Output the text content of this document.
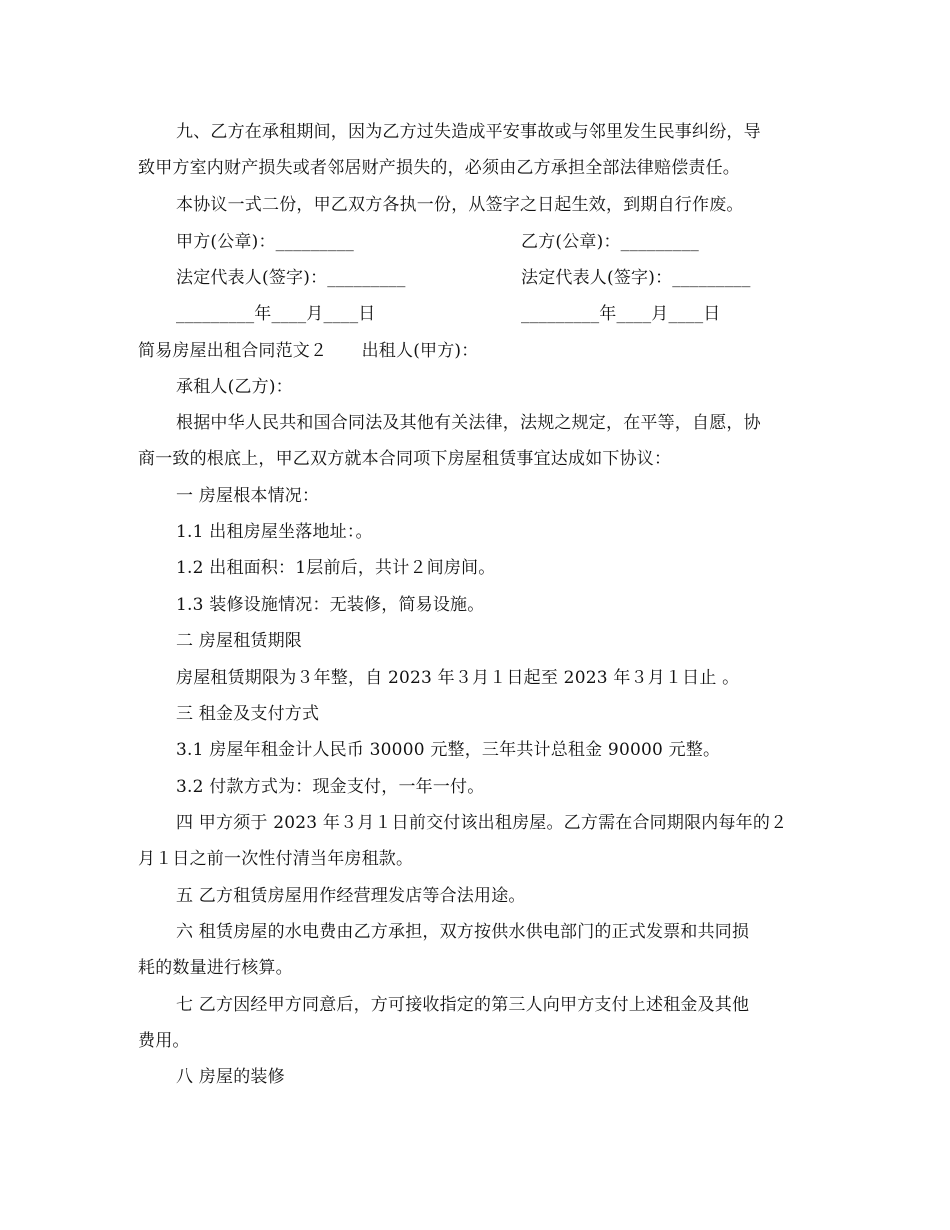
九、乙方在承租期间，因为乙方过失造成平安事故或与邻里发生民事纠纷，导
致甲方室内财产损失或者邻居财产损失的，必须由乙方承担全部法律赔偿责任。
本协议一式二份，甲乙双方各执一份，从签字之日起生效，到期自行作废。
甲方(公章)：_________	乙方(公章)：_________
法定代表人(签字)：_________	法定代表人(签字)：_________
_________年____月____日	_________年____月____日
简易房屋出租合同范文２　　出租人(甲方)：
承租人(乙方)：
根据中华人民共和国合同法及其他有关法律，法规之规定，在平等，自愿，协
商一致的根底上，甲乙双方就本合同项下房屋租赁事宜达成如下协议：
一 房屋根本情况：
1.1 出租房屋坐落地址：。
1.2 出租面积：1层前后，共计２间房间。
1.3 装修设施情况：无装修，简易设施。
二 房屋租赁期限
房屋租赁期限为３年整，自 2023 年３月１日起至 2023 年３月１日止 。
三 租金及支付方式
3.1 房屋年租金计人民币 30000 元整，三年共计总租金 90000 元整。
3.2 付款方式为：现金支付，一年一付。
四 甲方须于 2023 年３月１日前交付该出租房屋。乙方需在合同期限内每年的２
月１日之前一次性付清当年房租款。
五 乙方租赁房屋用作经营理发店等合法用途。
六 租赁房屋的水电费由乙方承担，双方按供水供电部门的正式发票和共同损
耗的数量进行核算。
七 乙方因经甲方同意后，方可接收指定的第三人向甲方支付上述租金及其他
费用。
八 房屋的装修
